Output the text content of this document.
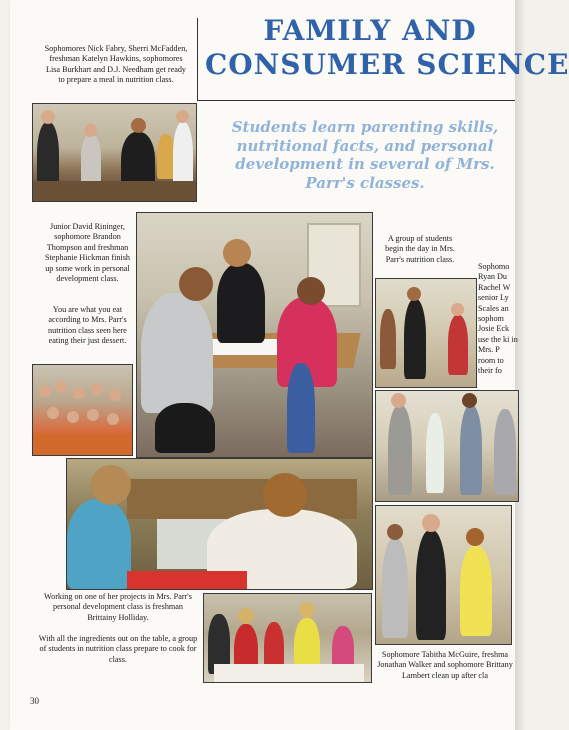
Sophomores Nick Fabry, Sherri McFadden, freshman Katelyn Hawkins, sophomores Lisa Burkhart and D.J. Needham get ready to prepare a meal in nutrition class.
FAMILY AND
CONSUMER SCIENCE
Students learn parenting skills, nutritional facts, and personal development in several of Mrs. Parr's classes.
Junior David Rininger, sophomore Brandon Thompson and freshman Stephanie Hickman finish up some work in personal development class.
You are what you eat according to Mrs. Parr's nutrition class seen here eating their just dessert.
A group of students begin the day in Mrs. Parr's nutrition class.
Sophomo Ryan Du Rachel W senior Ly Scales an sophom Josie Eck use the ki in Mrs. P room to their fo
Working on one of her projects in Mrs. Parr's personal development class is freshman Brittainy Holliday.
With all the ingredients out on the table, a group of students in nutrition class prepare to cook for class.
Sophomore Tabitha McGuire, freshma Jonathan Walker and sophomore Brittany Lambert clean up after cla
30
